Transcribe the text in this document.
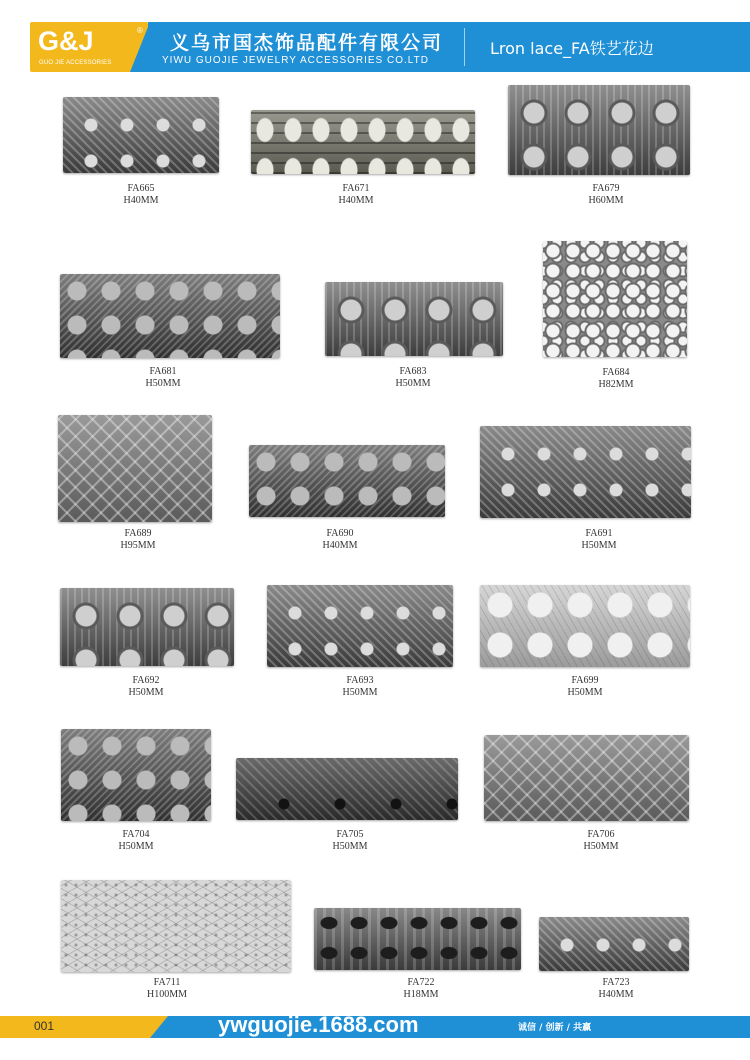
G&J	®
GUO JIE ACCESSORIES
义乌市国杰饰品配件有限公司
YIWU GUOJIE JEWELRY ACCESSORIES CO.LTD
Lron lace_FA铁艺花边
FA665
H40MM
FA671
H40MM
FA679
H60MM
FA681
H50MM
FA683
H50MM
FA684
H82MM
FA689
H95MM
FA690
H40MM
FA691
H50MM
FA692
H50MM
FA693
H50MM
FA699
H50MM
FA704
H50MM
FA705
H50MM
FA706
H50MM
FA711
H100MM
FA722
H18MM
FA723
H40MM
001	ywguojie.1688.com	诚信 / 创新 / 共赢
